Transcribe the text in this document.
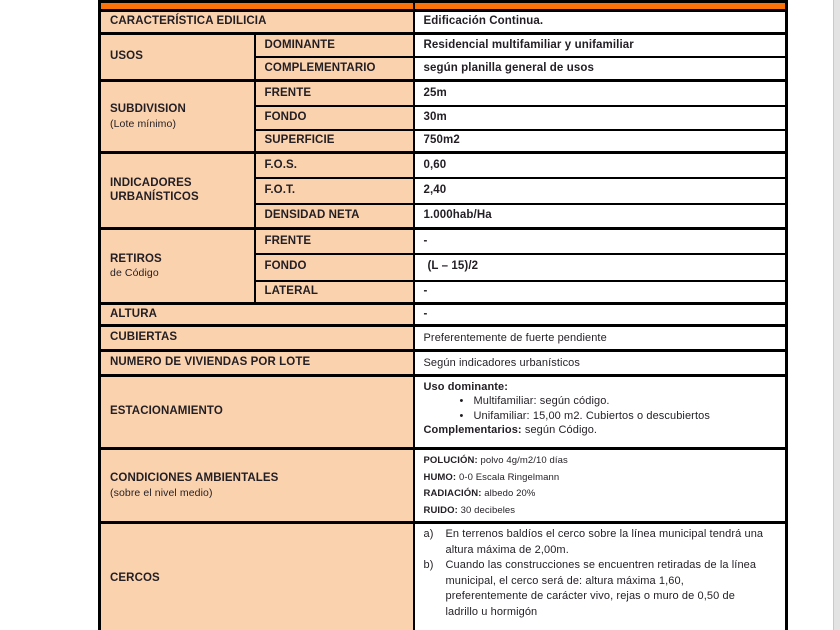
CARACTERÍSTICA EDILICIA		Edificación Continua.
USOS	DOMINANTE	Residencial multifamiliar y unifamiliar
	COMPLEMENTARIO	según planilla general de usos

SUBDIVISION
(Lote mínimo)	FRENTE	25m
	FONDO	30m
	SUPERFICIE	750m2
INDICADORES URBANÍSTICOS	F.O.S.	0,60
	F.O.T.	2,40
	DENSIDAD NETA	1.000hab/Ha

RETIROS
de Código	FRENTE	-
	FONDO	(L – 15)/2
	LATERAL	-
ALTURA		-
CUBIERTAS		Preferentemente de fuerte pendiente
NUMERO DE VIVIENDAS POR LOTE		Según indicadores urbanísticos
ESTACIONAMIENTO	
Uso dominante:
• Multifamiliar: según código.
• Unifamiliar: 15,00 m2. Cubiertos o descubiertos
Complementarios: según Código.

CONDICIONES AMBIENTALES
(sobre el nivel medio)

POLUCIÓN: polvo 4g/m2/10 días
HUMO: 0-0 Escala Ringelmann
RADIACIÓN: albedo 20%
RUIDO: 30 decibeles

CERCOS		a) En terrenos baldíos el cerco sobre la línea municipal tendrá una altura máxima de 2,00m.
b) Cuando las construcciones se encuentren retiradas de la línea municipal, el cerco será de: altura máxima 1,60, preferentemente de carácter vivo, rejas o muro de 0,50 de ladrillo u hormigón
